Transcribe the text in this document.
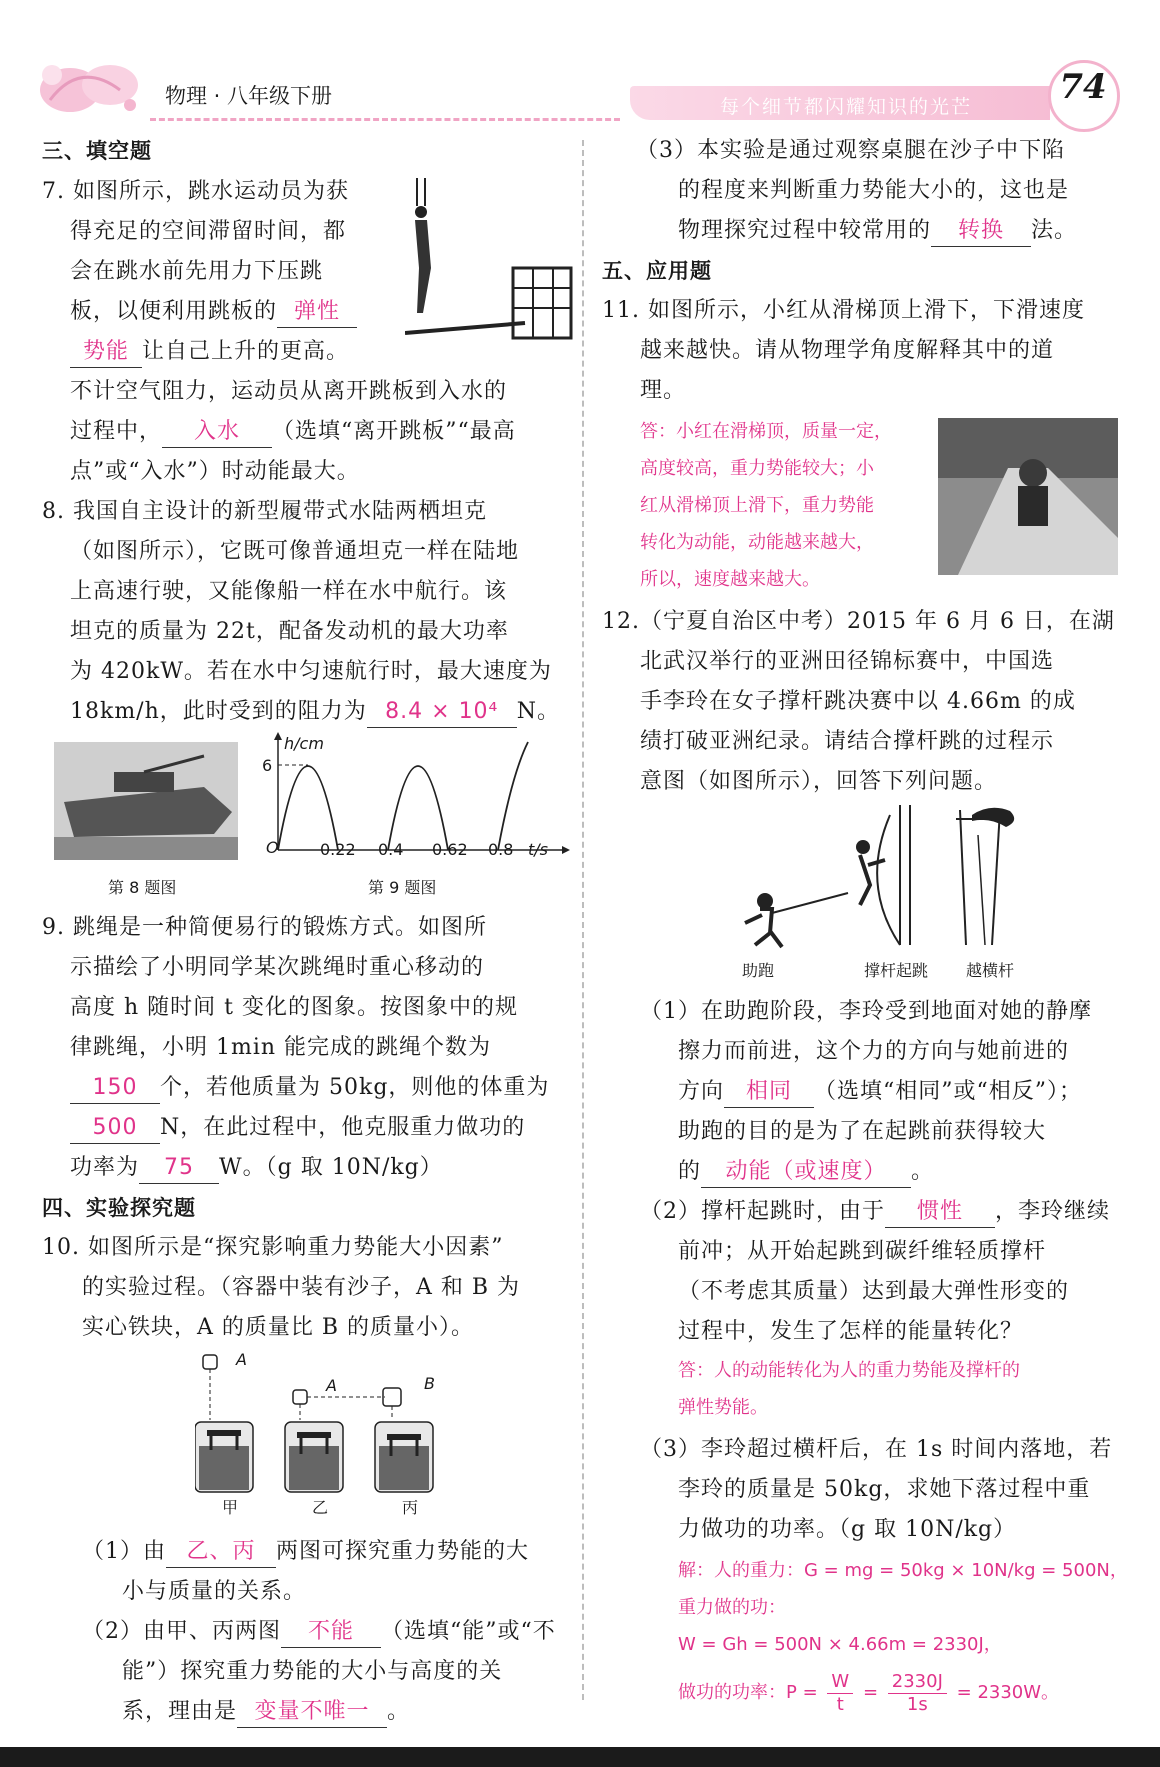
物理 · 八年级下册	每个细节都闪耀知识的光芒	74
三、填空题
7. 如图所示，跳水运动员为获
得充足的空间滞留时间，都
会在跳水前先用力下压跳
板，以便利用跳板的 弹性
势能 让自己上升的更高。
不计空气阻力，运动员从离开跳板到入水的
过程中， 入水 （选填“离开跳板”“最高
点”或“入水”）时动能最大。
8. 我国自主设计的新型履带式水陆两栖坦克
（如图所示），它既可像普通坦克一样在陆地
上高速行驶，又能像船一样在水中航行。该
坦克的质量为 22t，配备发动机的最大功率
为 420kW。若在水中匀速航行时，最大速度为
18km/h，此时受到的阻力为 8.4 × 10⁴ N。
第 8 题图
h/cm
6
O	0.22 0.4 0.62 0.8 t/s
第 9 题图
9. 跳绳是一种简便易行的锻炼方式。如图所
示描绘了小明同学某次跳绳时重心移动的
高度 h 随时间 t 变化的图象。按图象中的规
律跳绳，小明 1min 能完成的跳绳个数为
150 个，若他质量为 50kg，则他的体重为
500 N，在此过程中，他克服重力做功的
功率为 75 W。（g 取 10N/kg）
四、实验探究题
10. 如图所示是“探究影响重力势能大小因素”
的实验过程。（容器中装有沙子，A 和 B 为
实心铁块，A 的质量比 B 的质量小）。
A
A	B
甲	乙	丙
（1）由 乙、丙 两图可探究重力势能的大
小与质量的关系。
（2）由甲、丙两图 不能 （选填“能”或“不
能”）探究重力势能的大小与高度的关
系，理由是 变量不唯一 。
（3）本实验是通过观察桌腿在沙子中下陷
的程度来判断重力势能大小的，这也是
物理探究过程中较常用的 转换 法。
五、应用题
11. 如图所示，小红从滑梯顶上滑下，下滑速度
越来越快。请从物理学角度解释其中的道
理。
答：小红在滑梯顶，质量一定，
高度较高，重力势能较大；小
红从滑梯顶上滑下，重力势能
转化为动能，动能越来越大，
所以，速度越来越大。
12.（宁夏自治区中考）2015 年 6 月 6 日，在湖
北武汉举行的亚洲田径锦标赛中，中国选
手李玲在女子撑杆跳决赛中以 4.66m 的成
绩打破亚洲纪录。请结合撑杆跳的过程示
意图（如图所示），回答下列问题。
助跑	撑杆起跳 越横杆
（1）在助跑阶段，李玲受到地面对她的静摩
擦力而前进，这个力的方向与她前进的
方向 相同 （选填“相同”或“相反”）；
助跑的目的是为了在起跳前获得较大
的 动能（或速度） 。
（2）撑杆起跳时，由于 惯性 ，李玲继续
前冲；从开始起跳到碳纤维轻质撑杆
（不考虑其质量）达到最大弹性形变的
过程中，发生了怎样的能量转化？
答：人的动能转化为人的重力势能及撑杆的
弹性势能。
（3）李玲超过横杆后，在 1s 时间内落地，若
李玲的质量是 50kg，求她下落过程中重
力做功的功率。（g 取 10N/kg）
解：人的重力：G = mg = 50kg × 10N/kg = 500N，
重力做的功：
W = Gh = 500N × 4.66m = 2330J，
做功的功率：$P = \frac{W}{t} = \frac{2330J}{1s} = 2330W$。
